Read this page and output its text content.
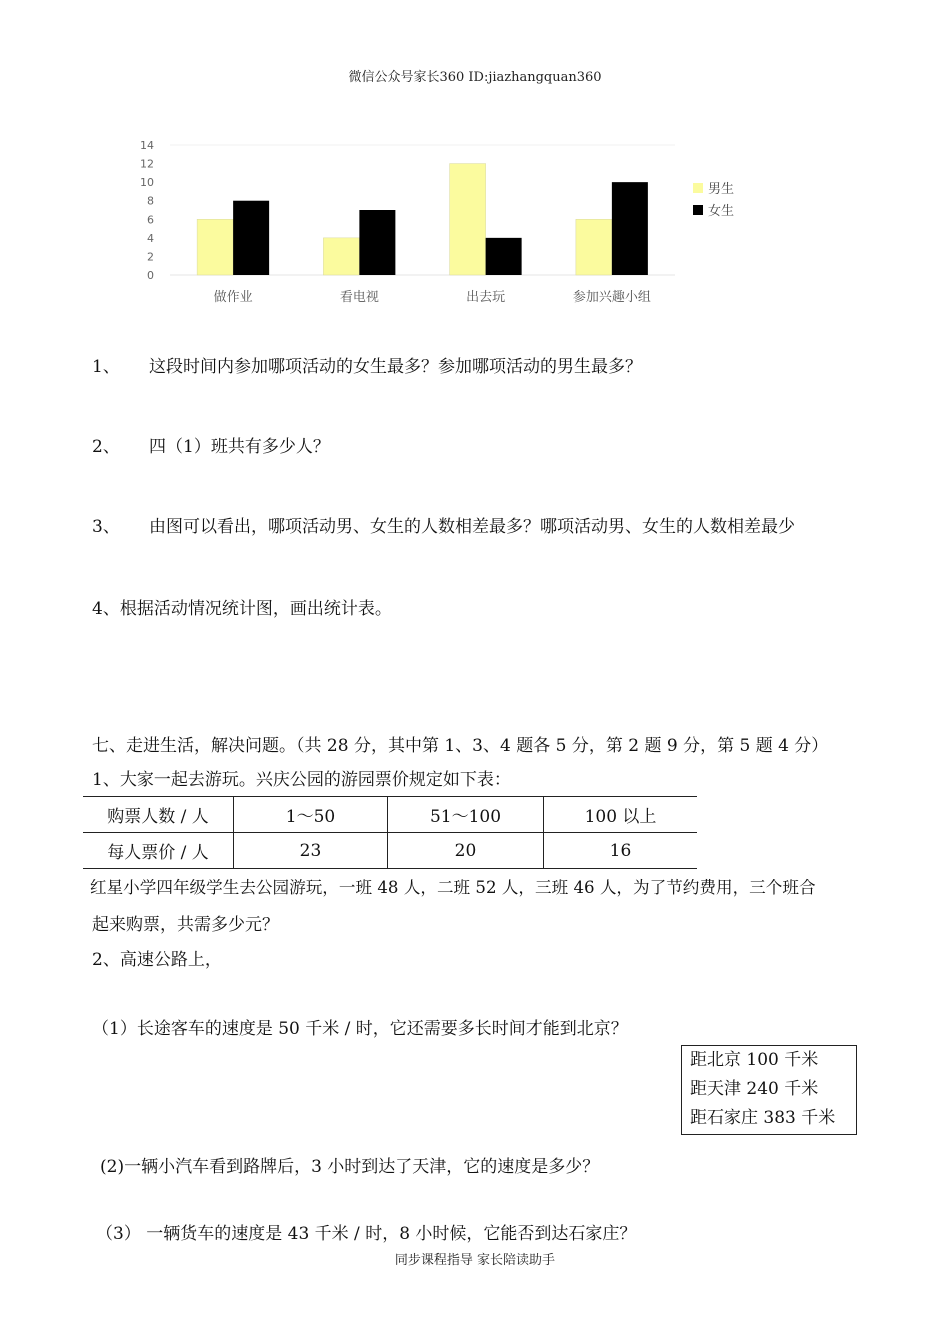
微信公众号家长360 ID:jiazhangquan360
0
2
4
6
8
10
12
14
做作业	看电视	出去玩	参加兴趣小组
男生
女生
1、 这段时间内参加哪项活动的女生最多？参加哪项活动的男生最多？
2、 四（1）班共有多少人？
3、 由图可以看出，哪项活动男、女生的人数相差最多？哪项活动男、女生的人数相差最少
4、根据活动情况统计图，画出统计表。
七、走进生活，解决问题。（共 28 分，其中第 1、3、4 题各 5 分，第 2 题 9 分，第 5 题 4 分）
1、大家一起去游玩。兴庆公园的游园票价规定如下表：
购票人数 / 人	1～50	51～100	100 以上
每人票价 / 人	23	20	16
红星小学四年级学生去公园游玩，一班 48 人，二班 52 人，三班 46 人，为了节约费用，三个班合
起来购票，共需多少元？
2、高速公路上，
（1）长途客车的速度是 50 千米 / 时，它还需要多长时间才能到北京？
距北京 100 千米
距天津 240 千米
距石家庄 383 千米
(2)一辆小汽车看到路牌后，3 小时到达了天津，它的速度是多少？
（3） 一辆货车的速度是 43 千米 / 时，8 小时候，它能否到达石家庄？
同步课程指导 家长陪读助手
